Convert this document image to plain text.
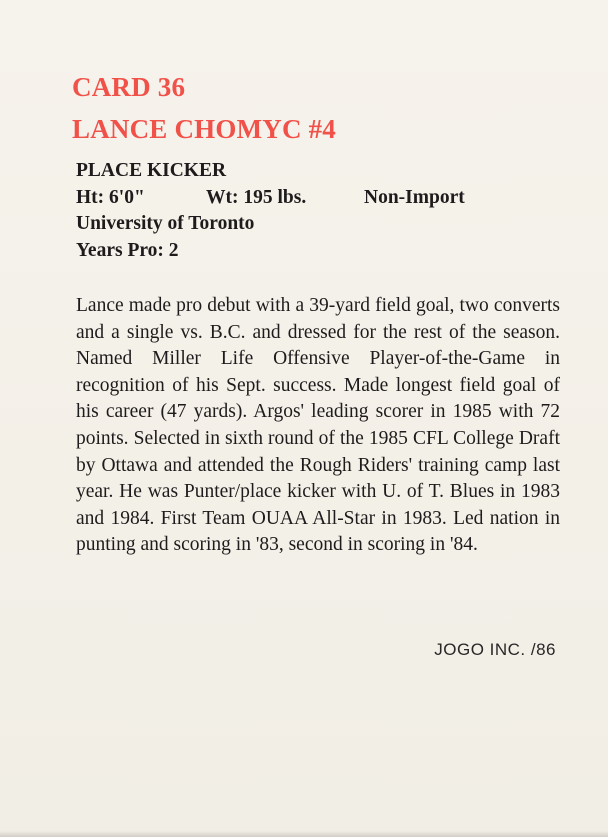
CARD 36
LANCE CHOMYC #4
PLACE KICKER
Ht: 6'0"	Wt: 195 lbs.	Non-Import
University of Toronto
Years Pro: 2
Lance made pro debut with a 39-yard field goal, two converts and a single vs. B.C. and dressed for the rest of the season. Named Miller Life Offensive Player-of-the-Game in recognition of his Sept. success. Made longest field goal of his career (47 yards). Argos' leading scorer in 1985 with 72 points. Selected in sixth round of the 1985 CFL College Draft by Ottawa and attended the Rough Riders' training camp last year. He was Punter/place kicker with U. of T. Blues in 1983 and 1984. First Team OUAA All-Star in 1983. Led nation in punting and scoring in '83, second in scoring in '84.
JOGO INC. /86
